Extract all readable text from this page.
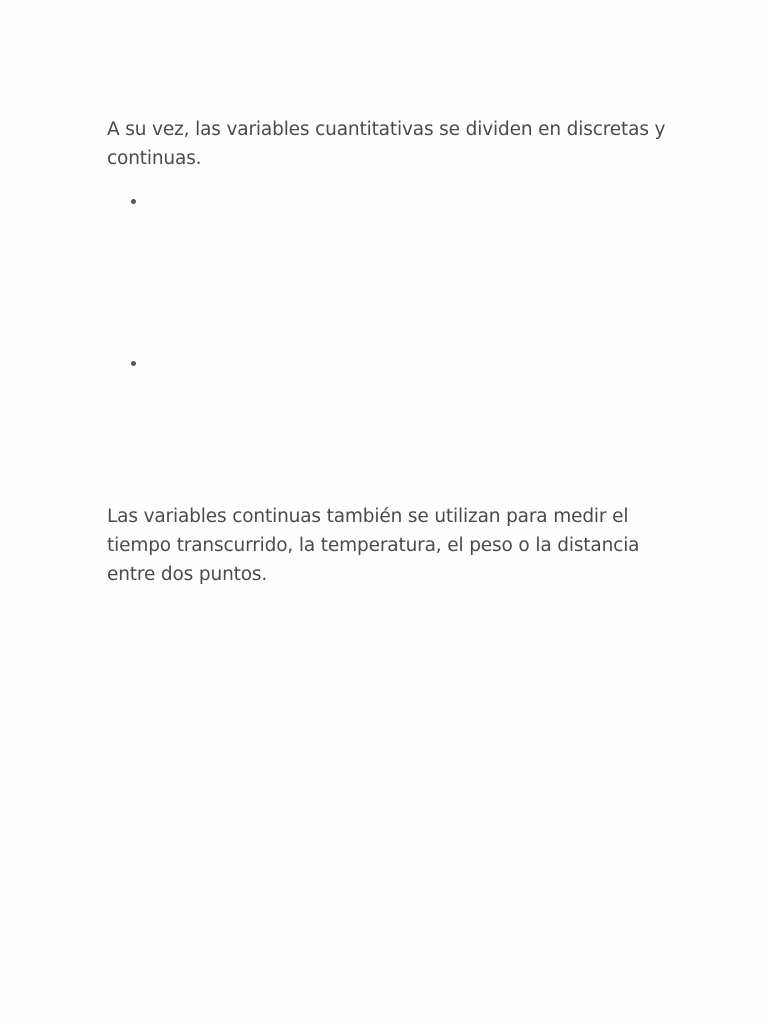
A su vez, las variables cuantitativas se dividen en discretas y continuas.

Las variables continuas también se utilizan para medir el tiempo transcurrido, la temperatura, el peso o la distancia entre dos puntos.
